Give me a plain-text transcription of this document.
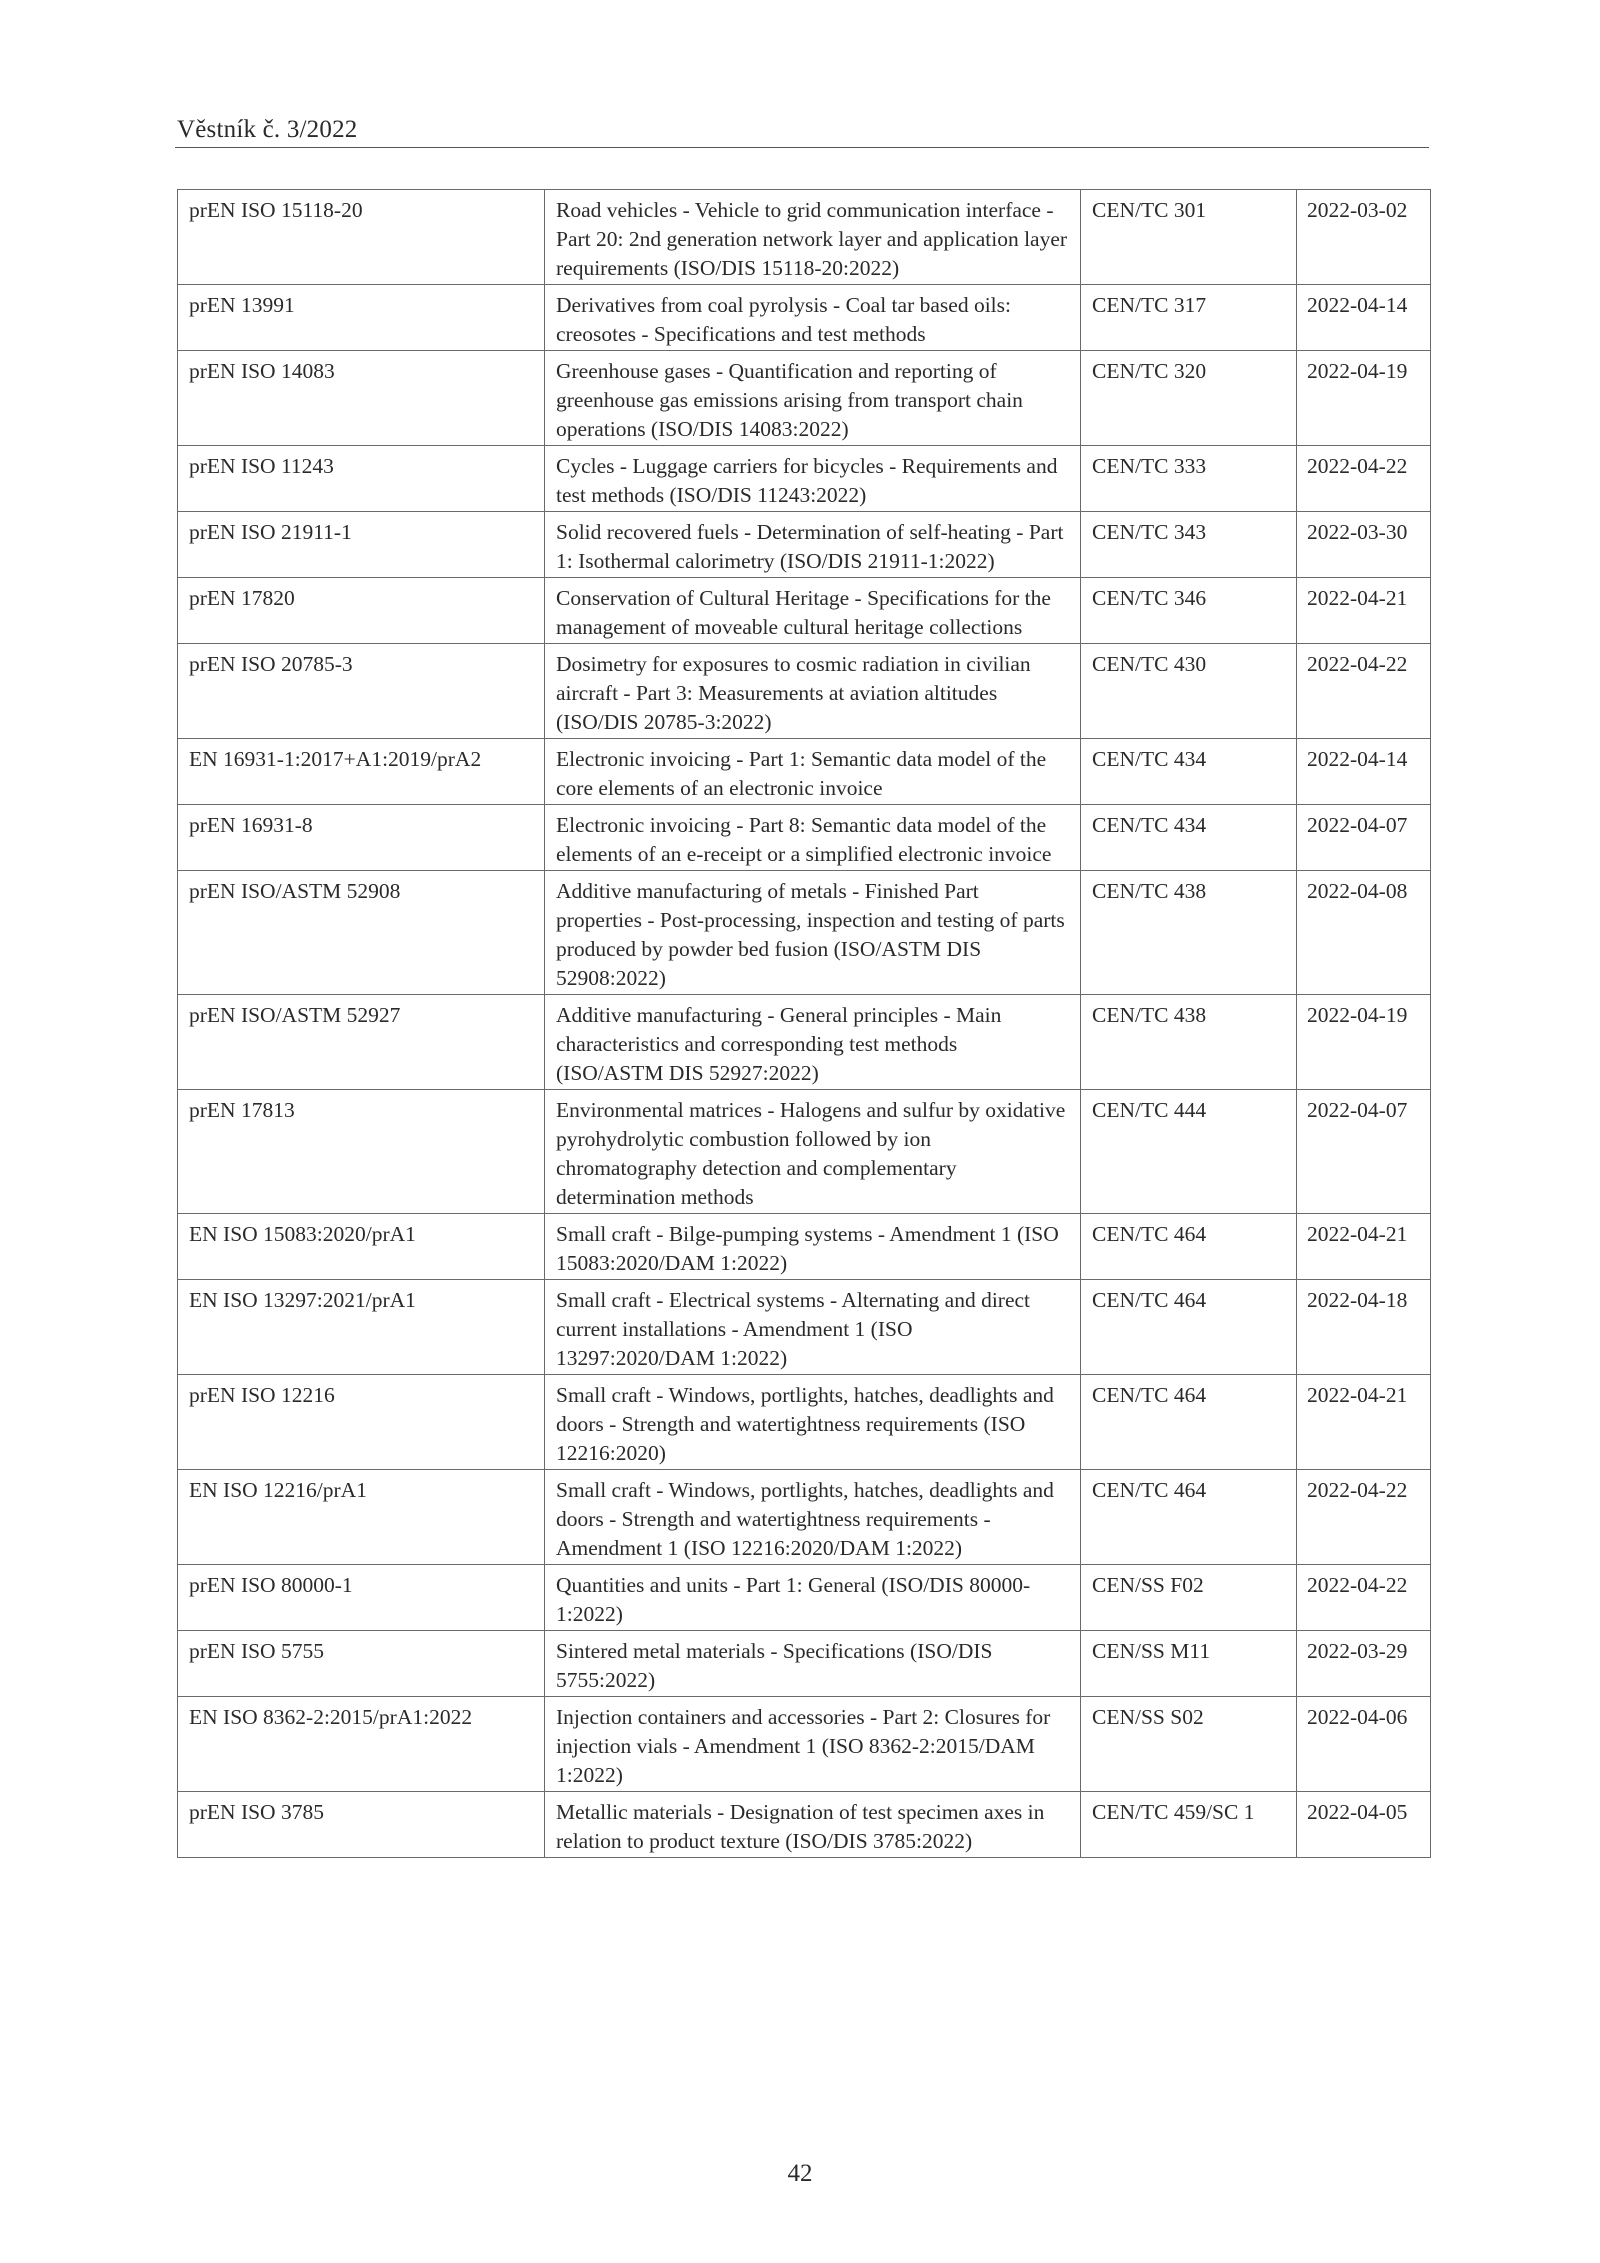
Věstník č. 3/2022
prEN ISO 15118-20	Road vehicles - Vehicle to grid communication interface - Part 20: 2nd generation network layer and application layer requirements (ISO/DIS 15118-20:2022)	CEN/TC 301	2022-03-02
prEN 13991	Derivatives from coal pyrolysis - Coal tar based oils: creosotes - Specifications and test methods	CEN/TC 317	2022-04-14
prEN ISO 14083	Greenhouse gases - Quantification and reporting of greenhouse gas emissions arising from transport chain operations (ISO/DIS 14083:2022)	CEN/TC 320	2022-04-19
prEN ISO 11243	Cycles - Luggage carriers for bicycles - Requirements and test methods (ISO/DIS 11243:2022)	CEN/TC 333	2022-04-22
prEN ISO 21911-1	Solid recovered fuels - Determination of self-heating - Part 1: Isothermal calorimetry (ISO/DIS 21911-1:2022)	CEN/TC 343	2022-03-30
prEN 17820	Conservation of Cultural Heritage - Specifications for the management of moveable cultural heritage collections	CEN/TC 346	2022-04-21
prEN ISO 20785-3	Dosimetry for exposures to cosmic radiation in civilian aircraft - Part 3: Measurements at aviation altitudes (ISO/DIS 20785-3:2022)	CEN/TC 430	2022-04-22
EN 16931-1:2017+A1:2019/prA2	Electronic invoicing - Part 1: Semantic data model of the core elements of an electronic invoice	CEN/TC 434	2022-04-14
prEN 16931-8	Electronic invoicing - Part 8: Semantic data model of the elements of an e-receipt or a simplified electronic invoice	CEN/TC 434	2022-04-07
prEN ISO/ASTM 52908	Additive manufacturing of metals - Finished Part properties - Post-processing, inspection and testing of parts produced by powder bed fusion (ISO/ASTM DIS 52908:2022)	CEN/TC 438	2022-04-08
prEN ISO/ASTM 52927	Additive manufacturing - General principles - Main characteristics and corresponding test methods (ISO/ASTM DIS 52927:2022)	CEN/TC 438	2022-04-19
prEN 17813	Environmental matrices - Halogens and sulfur by oxidative pyrohydrolytic combustion followed by ion chromatography detection and complementary determination methods	CEN/TC 444	2022-04-07
EN ISO 15083:2020/prA1	Small craft - Bilge-pumping systems - Amendment 1 (ISO 15083:2020/DAM 1:2022)	CEN/TC 464	2022-04-21
EN ISO 13297:2021/prA1	Small craft - Electrical systems - Alternating and direct current installations - Amendment 1 (ISO 13297:2020/DAM 1:2022)	CEN/TC 464	2022-04-18
prEN ISO 12216	Small craft - Windows, portlights, hatches, deadlights and doors - Strength and watertightness requirements (ISO 12216:2020)	CEN/TC 464	2022-04-21
EN ISO 12216/prA1	Small craft - Windows, portlights, hatches, deadlights and doors - Strength and watertightness requirements - Amendment 1 (ISO 12216:2020/DAM 1:2022)	CEN/TC 464	2022-04-22
prEN ISO 80000-1	Quantities and units - Part 1: General (ISO/DIS 80000-1:2022)	CEN/SS F02	2022-04-22
prEN ISO 5755	Sintered metal materials - Specifications (ISO/DIS 5755:2022)	CEN/SS M11	2022-03-29
EN ISO 8362-2:2015/prA1:2022	Injection containers and accessories - Part 2: Closures for injection vials - Amendment 1 (ISO 8362-2:2015/DAM 1:2022)	CEN/SS S02	2022-04-06
prEN ISO 3785	Metallic materials - Designation of test specimen axes in relation to product texture (ISO/DIS 3785:2022)	CEN/TC 459/SC 1	2022-04-05
42
